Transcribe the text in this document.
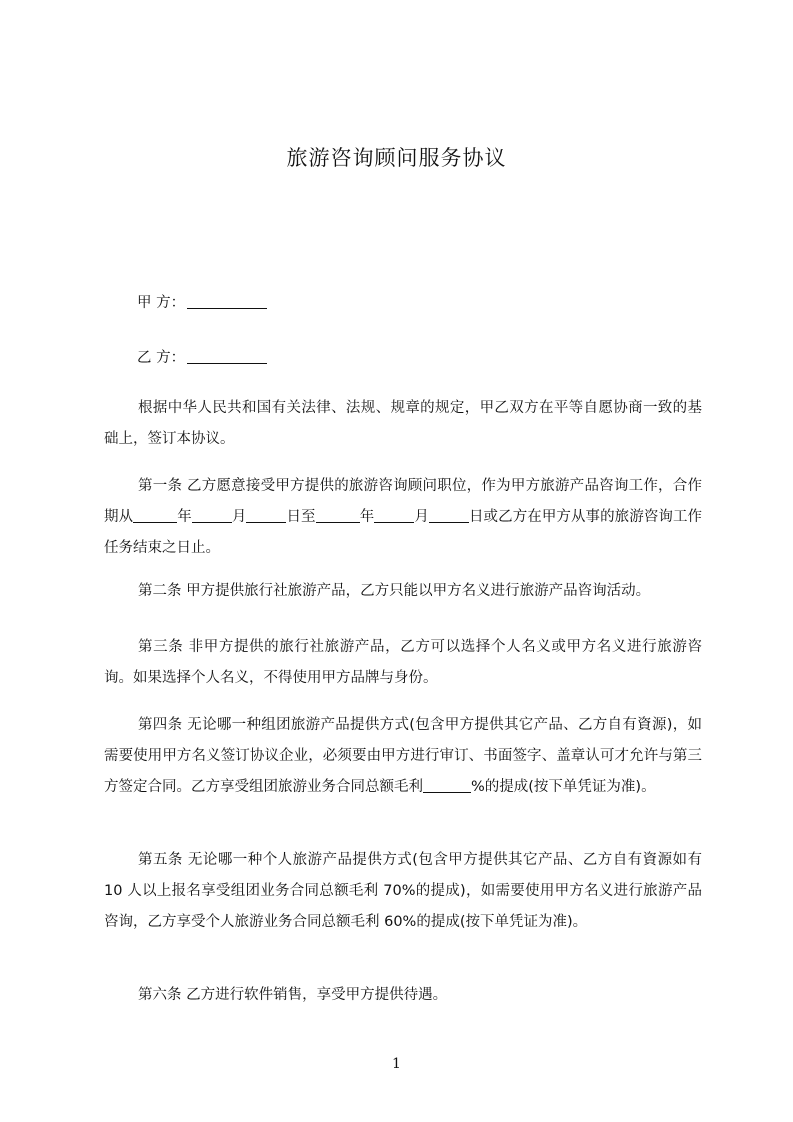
旅游咨询顾问服务协议

甲 方：

乙 方：

根据中华人民共和国有关法律、法规、规章的规定，甲乙双方在平等自愿协商一致的基础上，签订本协议。

第一条 乙方愿意接受甲方提供的旅游咨询顾问职位，作为甲方旅游产品咨询工作，合作期从	年	月	日至	年	月	日或乙方在甲方从事的旅游咨询工作任务结束之日止。

第二条 甲方提供旅行社旅游产品，乙方只能以甲方名义进行旅游产品咨询活动。

第三条 非甲方提供的旅行社旅游产品，乙方可以选择个人名义或甲方名义进行旅游咨询。如果选择个人名义，不得使用甲方品牌与身份。

第四条 无论哪一种组团旅游产品提供方式(包含甲方提供其它产品、乙方自有資源)，如需要使用甲方名义签订协议企业，必须要由甲方进行审订、书面签字、盖章认可才允许与第三方签定合同。乙方享受组团旅游业务合同总额毛利	%的提成(按下单凭证为准)。

第五条 无论哪一种个人旅游产品提供方式(包含甲方提供其它产品、乙方自有資源如有 10 人以上报名享受组团业务合同总额毛利 70%的提成)，如需要使用甲方名义进行旅游产品咨询，乙方享受个人旅游业务合同总额毛利 60%的提成(按下单凭证为准)。

第六条 乙方进行软件销售，享受甲方提供待遇。

1
